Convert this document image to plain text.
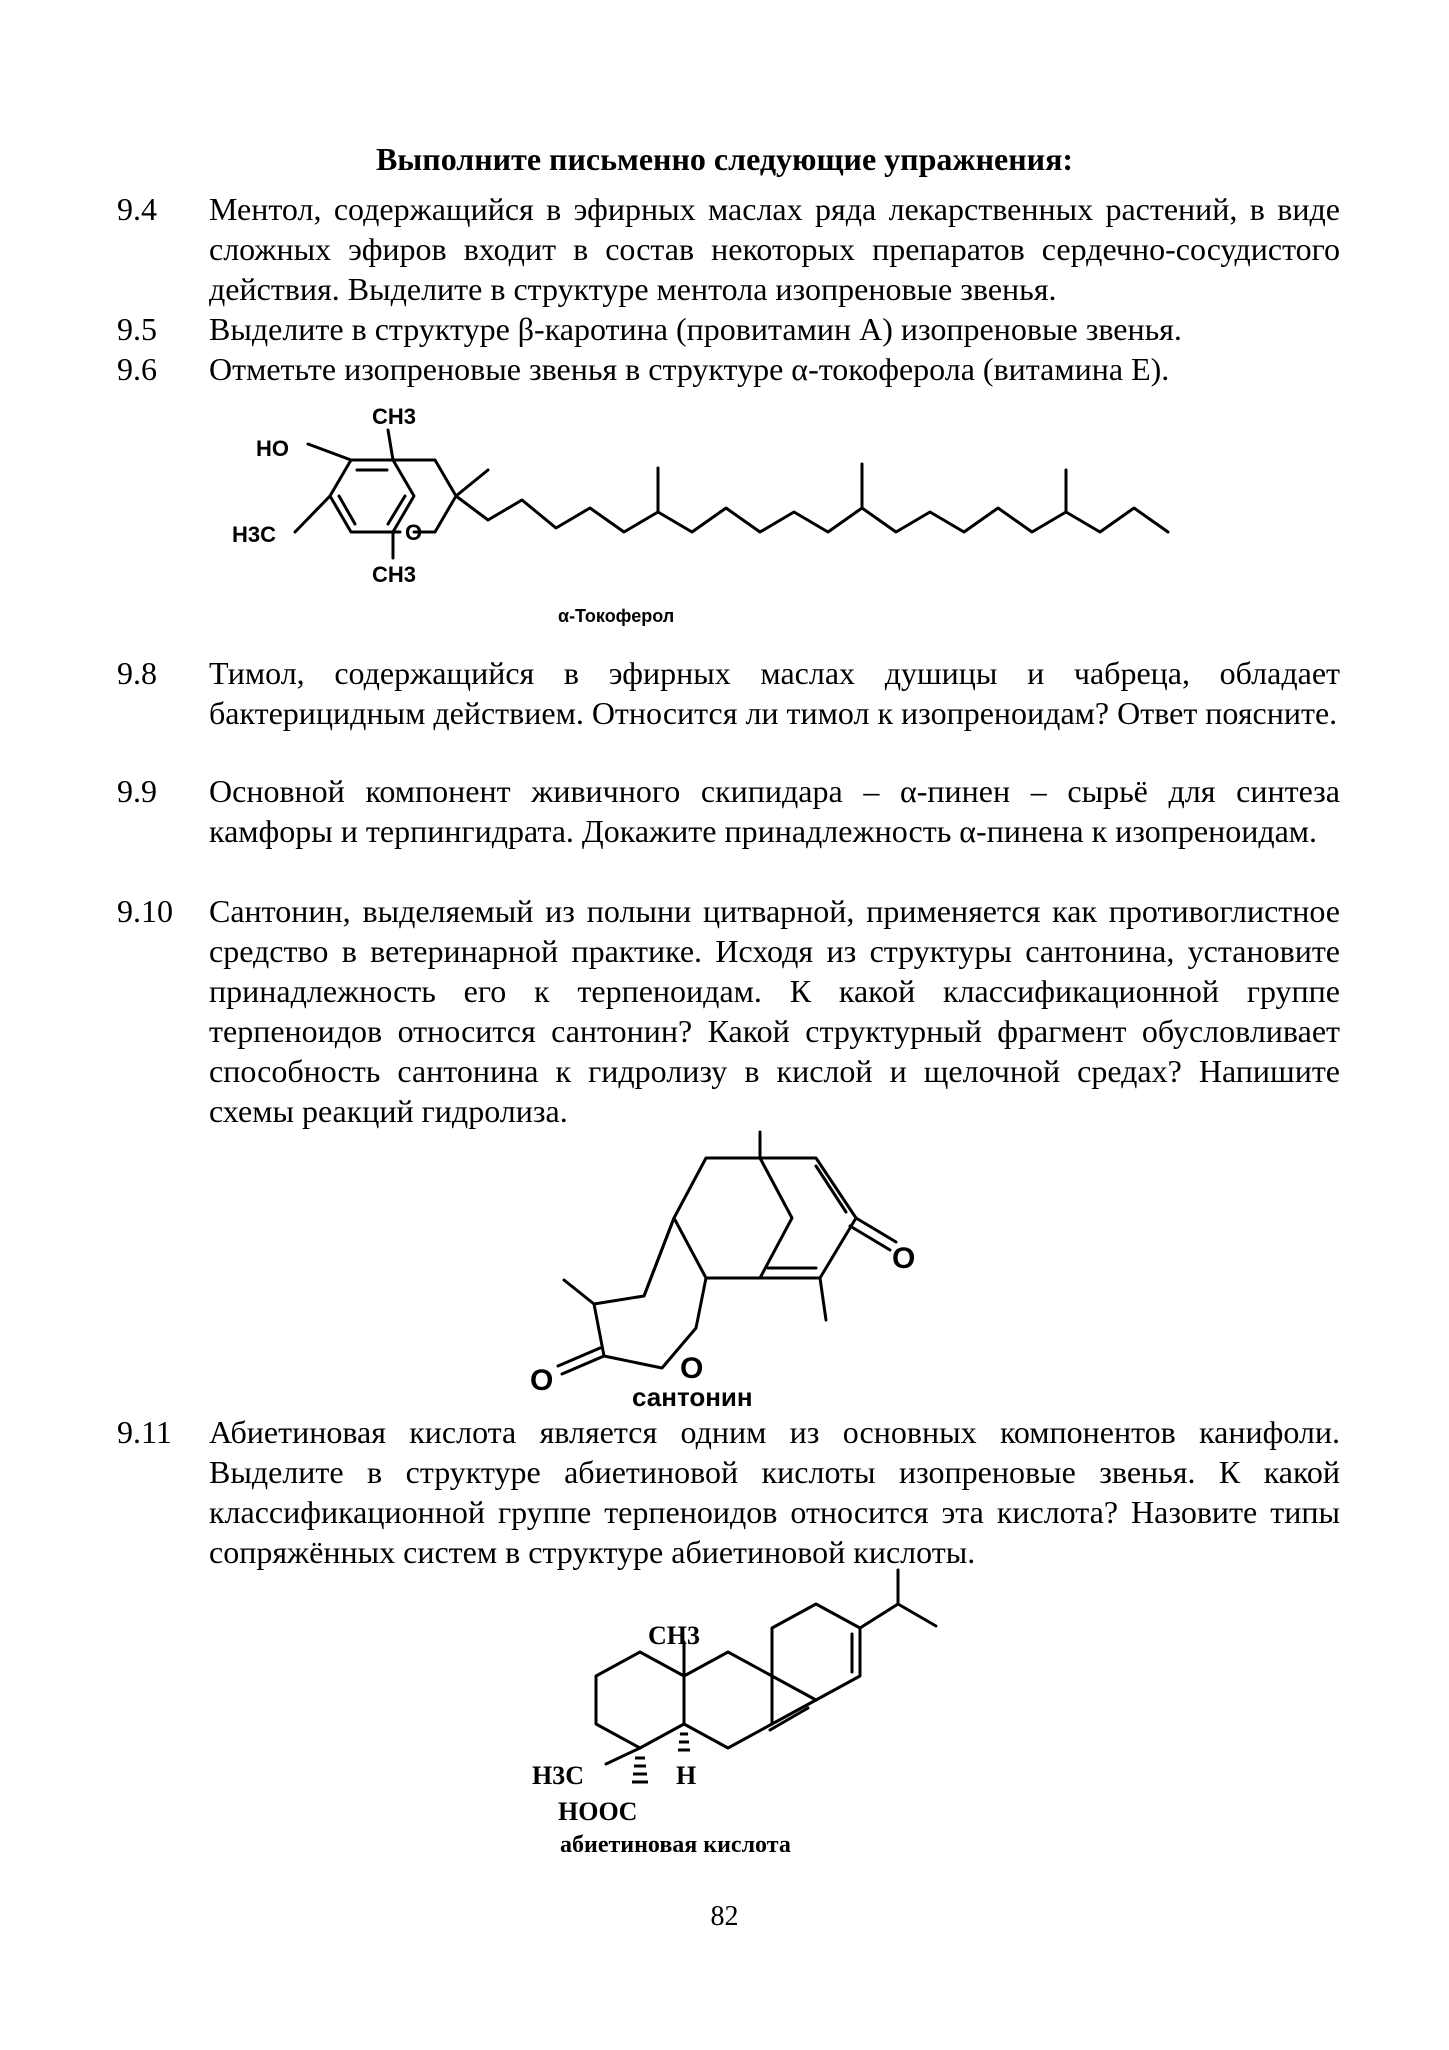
Выполните письменно следующие упражнения:
9.4 Ментол, содержащийся в эфирных маслах ряда лекарственных растений, в виде сложных эфиров входит в состав некоторых препаратов сердечно-сосудистого действия. Выделите в структуре ментола изопреновые звенья.
9.5 Выделите в структуре β-каротина (провитамин А) изопреновые звенья.
9.6 Отметьте изопреновые звенья в структуре α-токоферола (витамина Е).
CH3
HO
H3C	O
CH3
α-Токоферол
9.8 Тимол, содержащийся в эфирных маслах душицы и чабреца, обладает бактерицидным действием. Относится ли тимол к изопреноидам? Ответ поясните.
9.9 Основной компонент живичного скипидара – α-пинен – сырьё для синтеза камфоры и терпингидрата. Докажите принадлежность α-пинена к изопреноидам.
9.10 Сантонин, выделяемый из полыни цитварной, применяется как противоглистное средство в ветеринарной практике. Исходя из структуры сантонина, установите принадлежность его к терпеноидам. К какой классификационной группе терпеноидов относится сантонин? Какой структурный фрагмент обусловливает способность сантонина к гидролизу в кислой и щелочной средах? Напишите схемы реакций гидролиза.
O
O
O	сантонин
9.11 Абиетиновая кислота является одним из основных компонентов канифоли. Выделите в структуре абиетиновой кислоты изопреновые звенья. К какой классификационной группе терпеноидов относится эта кислота? Назовите типы сопряжённых систем в структуре абиетиновой кислоты.
CH3
H3C	H
HOOC
абиетиновая кислота
82
